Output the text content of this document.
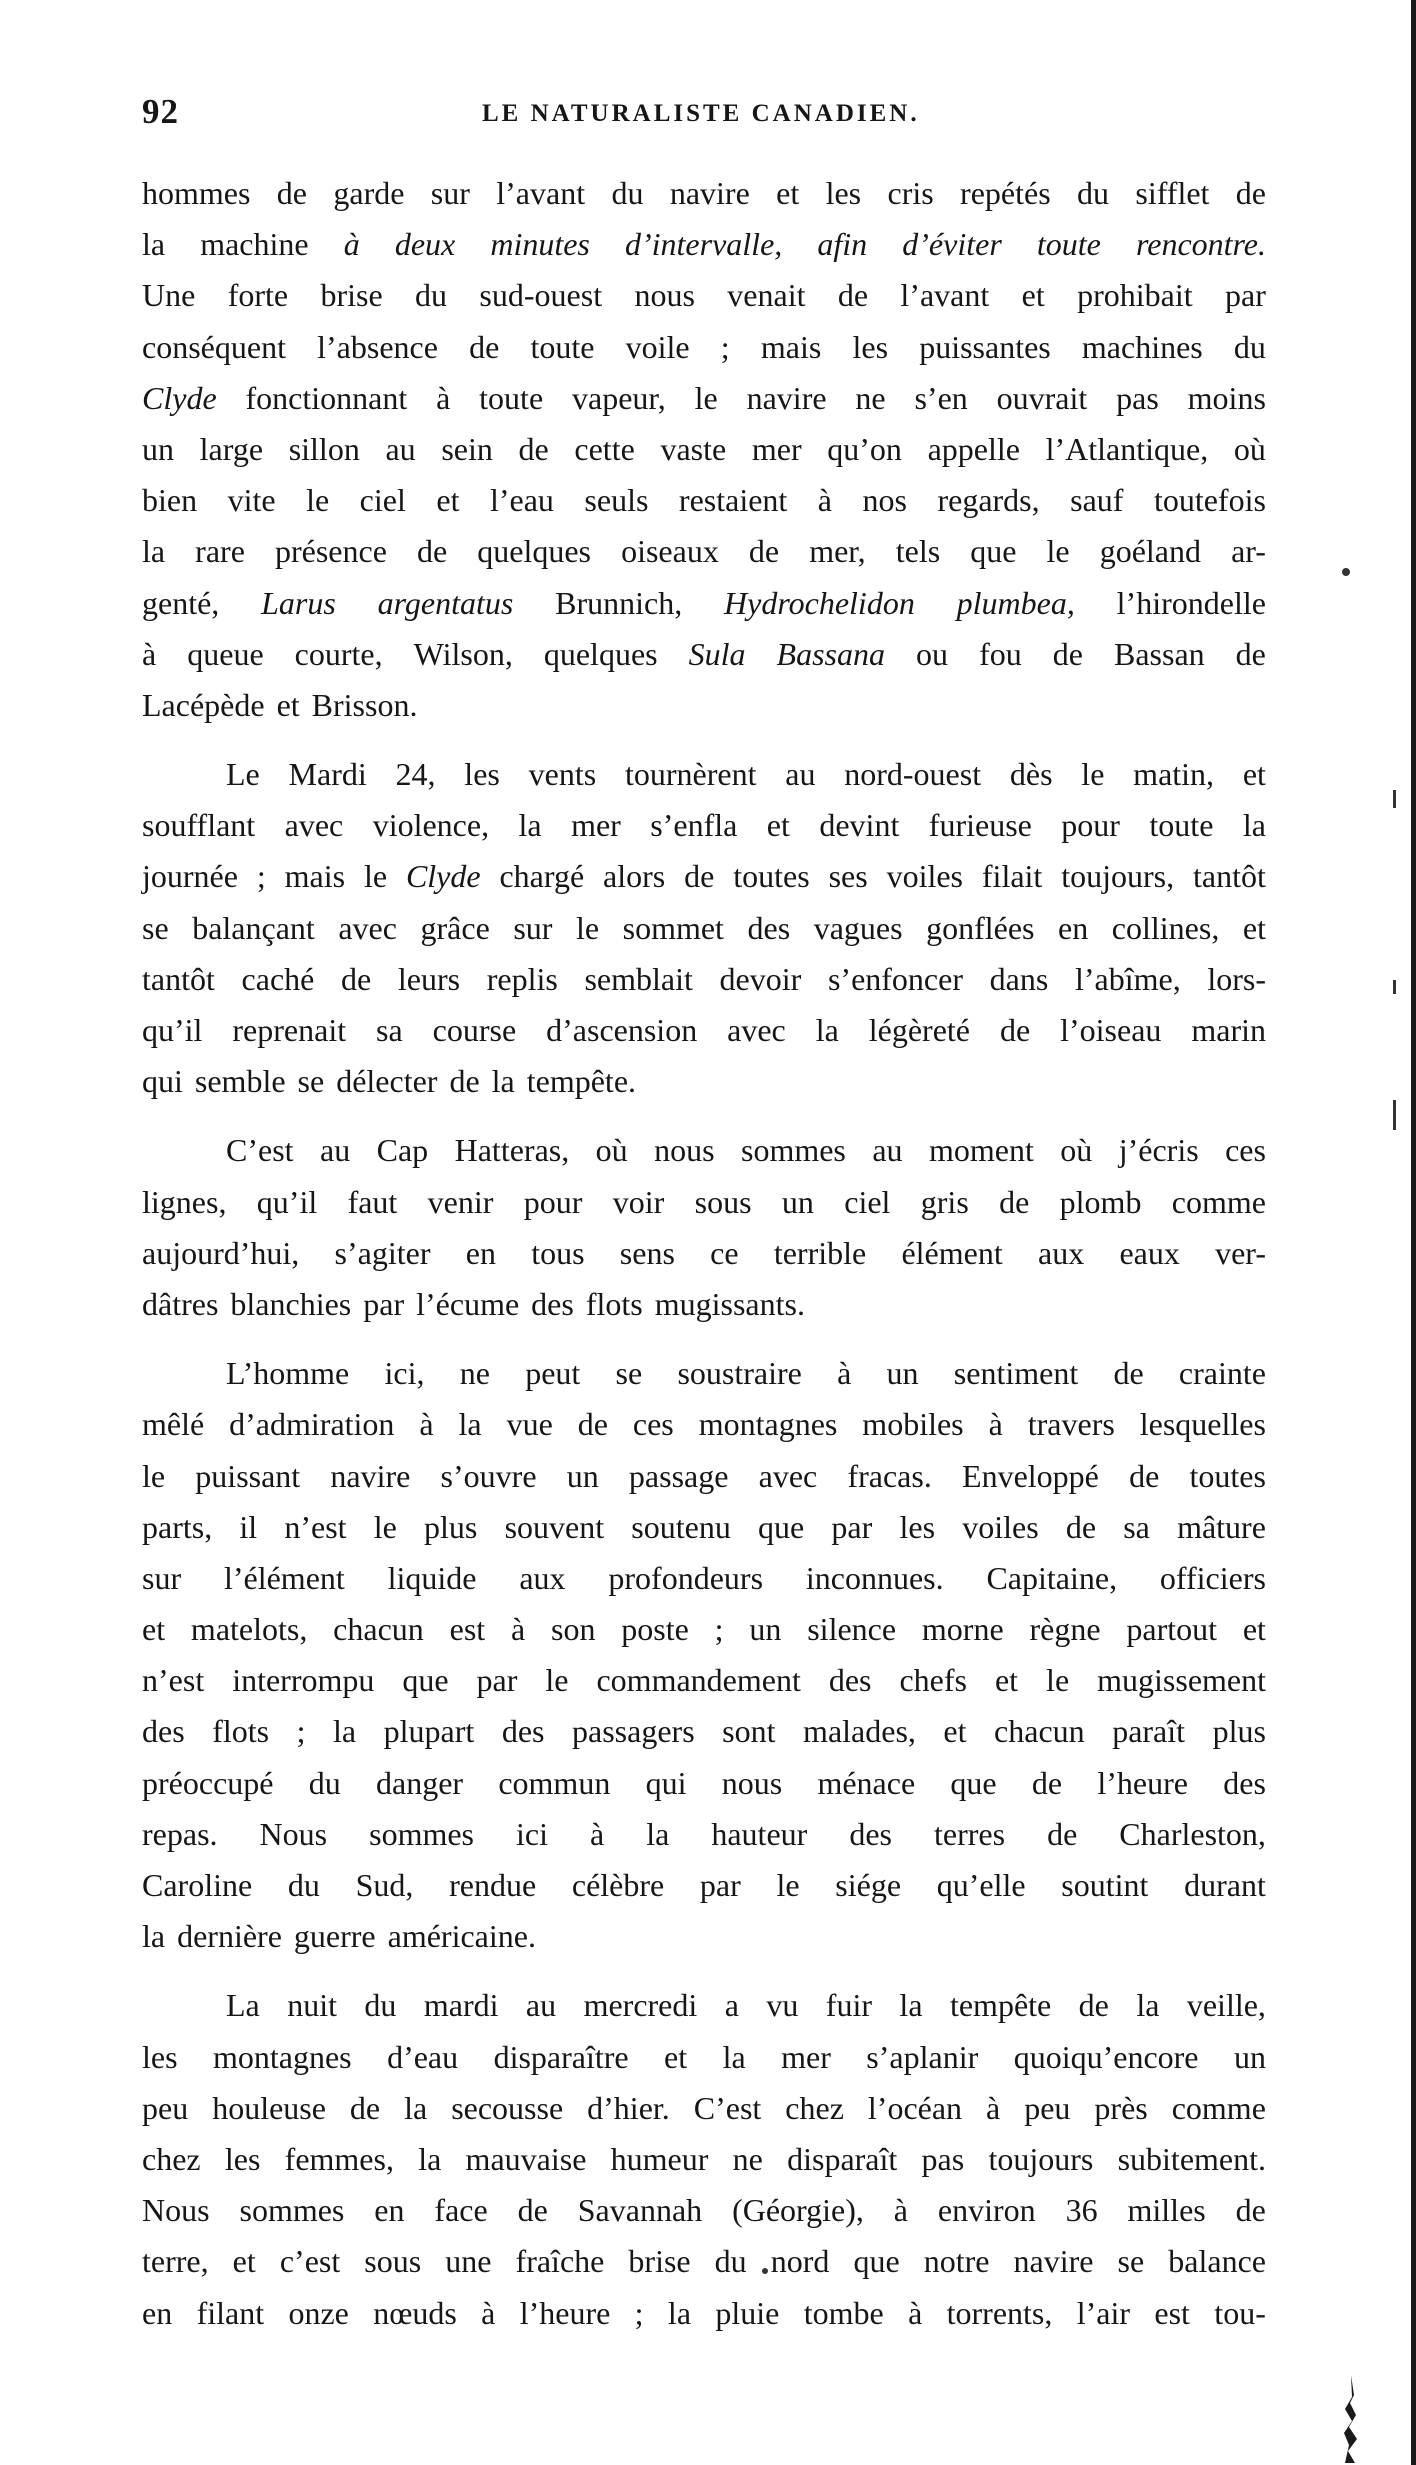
92	LE NATURALISTE CANADIEN.
hommes de garde sur l’avant du navire et les cris repétés du sifflet de
la machine à deux minutes d’intervalle, afin d’éviter toute rencontre.
Une forte brise du sud-ouest nous venait de l’avant et prohibait par
conséquent l’absence de toute voile ; mais les puissantes machines du
Clyde fonctionnant à toute vapeur, le navire ne s’en ouvrait pas moins
un large sillon au sein de cette vaste mer qu’on appelle l’Atlantique, où
bien vite le ciel et l’eau seuls restaient à nos regards, sauf toutefois
la rare présence de quelques oiseaux de mer, tels que le goéland ar-
genté, Larus argentatus Brunnich, Hydrochelidon plumbea, l’hirondelle
à queue courte, Wilson, quelques Sula Bassana ou fou de Bassan de
Lacépède et Brisson.
Le Mardi 24, les vents tournèrent au nord-ouest dès le matin, et
soufflant avec violence, la mer s’enfla et devint furieuse pour toute la
journée ; mais le Clyde chargé alors de toutes ses voiles filait toujours, tantôt
se balançant avec grâce sur le sommet des vagues gonflées en collines, et
tantôt caché de leurs replis semblait devoir s’enfoncer dans l’abîme, lors-
qu’il reprenait sa course d’ascension avec la légèreté de l’oiseau marin
qui semble se délecter de la tempête.
C’est au Cap Hatteras, où nous sommes au moment où j’écris ces
lignes, qu’il faut venir pour voir sous un ciel gris de plomb comme
aujourd’hui, s’agiter en tous sens ce terrible élément aux eaux ver-
dâtres blanchies par l’écume des flots mugissants.
L’homme ici, ne peut se soustraire à un sentiment de crainte
mêlé d’admiration à la vue de ces montagnes mobiles à travers lesquelles
le puissant navire s’ouvre un passage avec fracas. Enveloppé de toutes
parts, il n’est le plus souvent soutenu que par les voiles de sa mâture
sur l’élément liquide aux profondeurs inconnues. Capitaine, officiers
et matelots, chacun est à son poste ; un silence morne règne partout et
n’est interrompu que par le commandement des chefs et le mugissement
des flots ; la plupart des passagers sont malades, et chacun paraît plus
préoccupé du danger commun qui nous ménace que de l’heure des
repas. Nous sommes ici à la hauteur des terres de Charleston,
Caroline du Sud, rendue célèbre par le siége qu’elle soutint durant
la dernière guerre américaine.
La nuit du mardi au mercredi a vu fuir la tempête de la veille,
les montagnes d’eau disparaître et la mer s’aplanir quoiqu’encore un
peu houleuse de la secousse d’hier. C’est chez l’océan à peu près comme
chez les femmes, la mauvaise humeur ne disparaît pas toujours subitement.
Nous sommes en face de Savannah (Géorgie), à environ 36 milles de
terre, et c’est sous une fraîche brise du nord que notre navire se balance
en filant onze nœuds à l’heure ; la pluie tombe à torrents, l’air est tou-
